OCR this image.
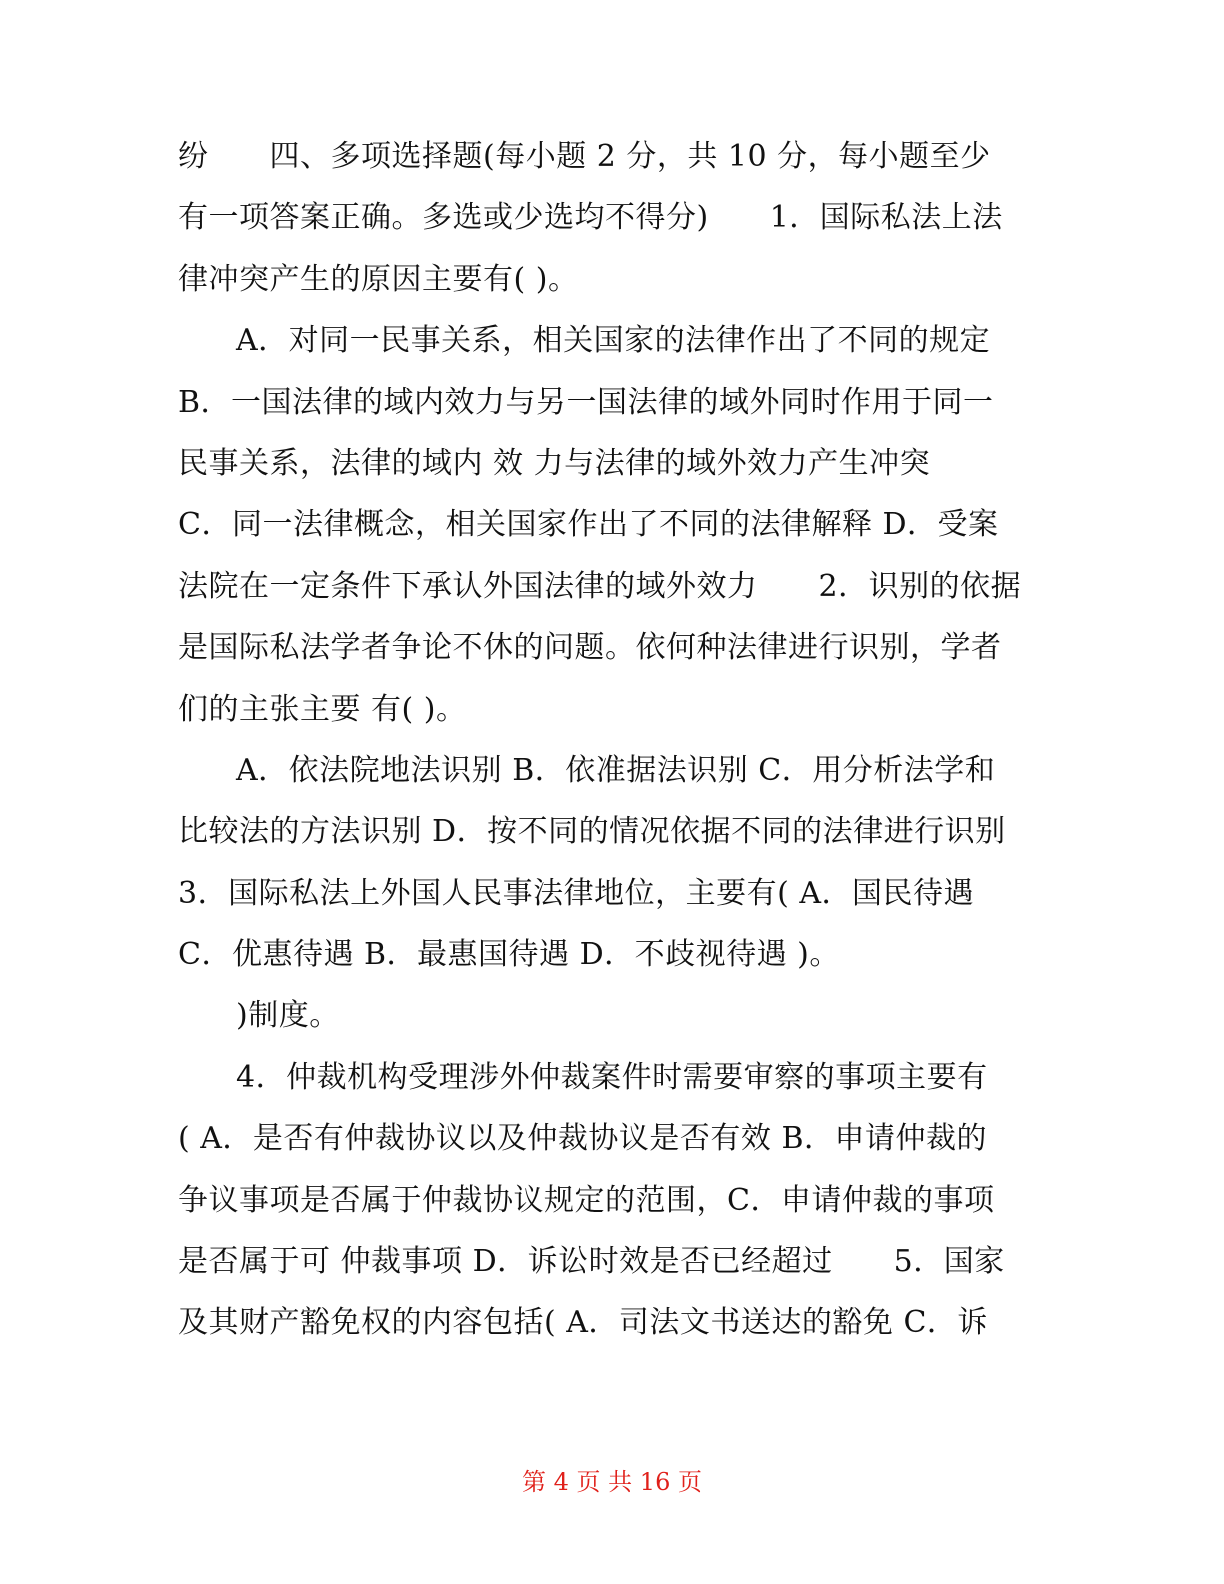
纷　　四、多项选择题(每小题 2 分，共 10 分，每小题至少
有一项答案正确。多选或少选均不得分)　　1．国际私法上法
律冲突产生的原因主要有( )。
A．对同一民事关系，相关国家的法律作出了不同的规定
B．一国法律的域内效力与另一国法律的域外同时作用于同一
民事关系，法律的域内 效 力与法律的域外效力产生冲突
C．同一法律概念，相关国家作出了不同的法律解释 D．受案
法院在一定条件下承认外国法律的域外效力　　2．识别的依据
是国际私法学者争论不休的问题。依何种法律进行识别，学者
们的主张主要 有( )。
A．依法院地法识别 B．依准据法识别 C．用分析法学和
比较法的方法识别 D．按不同的情况依据不同的法律进行识别
3．国际私法上外国人民事法律地位，主要有( A．国民待遇
C．优惠待遇 B．最惠国待遇 D．不歧视待遇 )。
)制度。
4．仲裁机构受理涉外仲裁案件时需要审察的事项主要有
( A．是否有仲裁协议以及仲裁协议是否有效 B．申请仲裁的
争议事项是否属于仲裁协议规定的范围，C．申请仲裁的事项
是否属于可 仲裁事项 D．诉讼时效是否已经超过　　5．国家
及其财产豁免权的内容包括( A．司法文书送达的豁免 C．诉
第 4 页 共 16 页
